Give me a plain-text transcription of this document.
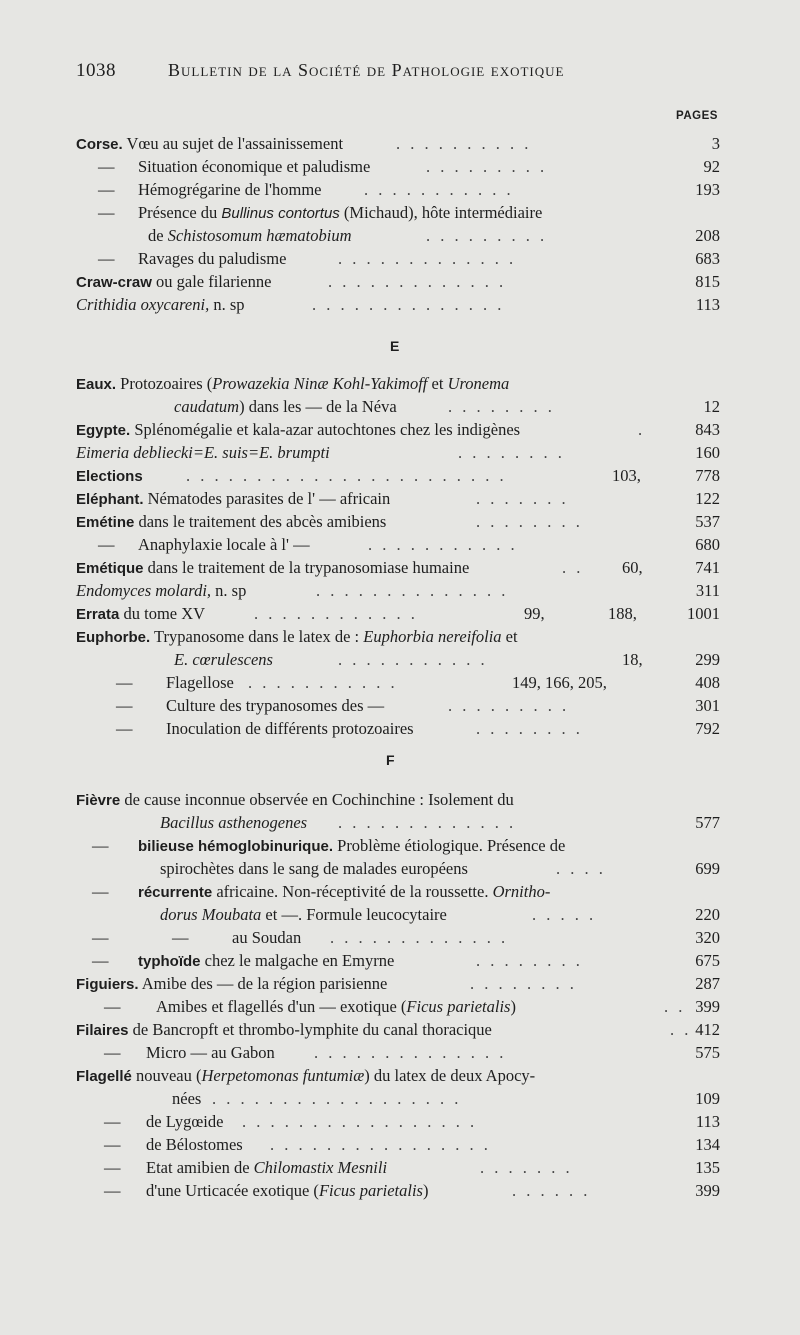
1038	Bulletin de la Société de Pathologie exotique
PAGES
Corse. Vœu au sujet de l'assainissement	. . . . . . . . . .	3
— Situation économique et paludisme	. . . . . . . . .	92
— Hémogrégarine de l'homme	. . . . . . . . . . .	193
— Présence du Bullinus contortus (Michaud), hôte intermédiaire
de Schistosomum hæmatobium	. . . . . . . . .	208
— Ravages du paludisme	. . . . . . . . . . . . .	683
Craw-craw ou gale filarienne	. . . . . . . . . . . . .	815
Crithidia oxycareni, n. sp	. . . . . . . . . . . . . .	113
E
Eaux. Protozoaires (Prowazekia Ninæ Kohl-Yakimoff et Uronema
caudatum) dans les — de la Néva	. . . . . . . .	12
Egypte. Splénomégalie et kala-azar autochtones chez les indigènes	.	843
Eimeria debliecki=E. suis=E. brumpti	. . . . . . . .	160
Elections	. . . . . . . . . . . . . . . . . . . . . . .	103,	778
Eléphant. Nématodes parasites de l' — africain	. . . . . . .	122
Emétine dans le traitement des abcès amibiens	. . . . . . . .	537
— Anaphylaxie locale à l' —	. . . . . . . . . . .	680
Emétique dans le traitement de la trypanosomiase humaine	. .	60,	741
Endomyces molardi, n. sp	. . . . . . . . . . . . . .	311
Errata du tome XV	. . . . . . . . . . . .	99,	188,	1001
Euphorbe. Trypanosome dans le latex de : Euphorbia nereifolia et
E. cœrulescens	. . . . . . . . . . .	18,	299
— Flagellose . . . . . . . . . . .	149, 166, 205,	408
— Culture des trypanosomes des —	. . . . . . . . .	301
— Inoculation de différents protozoaires	. . . . . . . .	792
F
Fièvre de cause inconnue observée en Cochinchine : Isolement du
Bacillus asthenogenes . . . . . . . . . . . . .	577
— bilieuse hémoglobinurique. Problème étiologique. Présence de
spirochètes dans le sang de malades européens	. . . .	699
— récurrente africaine. Non-réceptivité de la roussette. Ornitho-
dorus Moubata et —. Formule leucocytaire	. . . . .	220
—	—	au Soudan . . . . . . . . . . . . .	320
— typhoïde chez le malgache en Emyrne	. . . . . . . .	675
Figuiers. Amibe des — de la région parisienne	. . . . . . . .	287
— Amibes et flagellés d'un — exotique (Ficus parietalis)	. . 399
Filaires de Bancropft et thrombo-lymphite du canal thoracique	. . 412
— Micro — au Gabon . . . . . . . . . . . . . .	575
Flagellé nouveau (Herpetomonas funtumiæ) du latex de deux Apocy-
nées . . . . . . . . . . . . . . . . . .	109
— de Lygœide . . . . . . . . . . . . . . . . .	113
— de Bélostomes . . . . . . . . . . . . . . . .	134
— Etat amibien de Chilomastix Mesnili	. . . . . . .	135
— d'une Urticacée exotique (Ficus parietalis)	. . . . . .	399
